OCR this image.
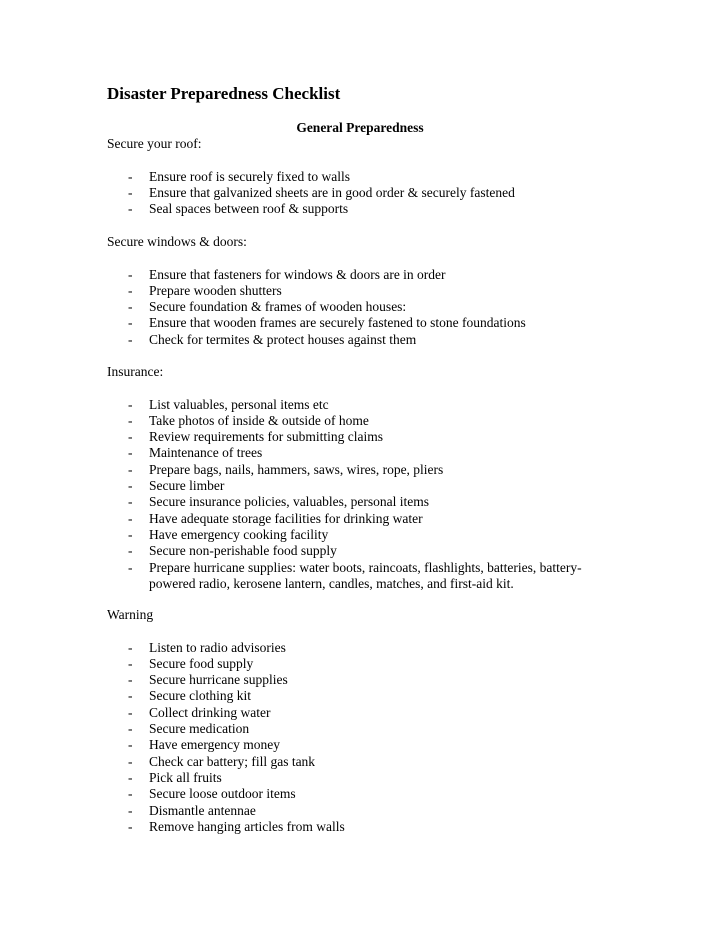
Disaster Preparedness Checklist
General Preparedness

Secure your roof:

- Ensure roof is securely fixed to walls
- Ensure that galvanized sheets are in good order & securely fastened
- Seal spaces between roof & supports

Secure windows & doors:

- Ensure that fasteners for windows & doors are in order
- Prepare wooden shutters
- Secure foundation & frames of wooden houses:
- Ensure that wooden frames are securely fastened to stone foundations
- Check for termites & protect houses against them

Insurance:

- List valuables, personal items etc
- Take photos of inside & outside of home
- Review requirements for submitting claims
- Maintenance of trees
- Prepare bags, nails, hammers, saws, wires, rope, pliers
- Secure limber
- Secure insurance policies, valuables, personal items
- Have adequate storage facilities for drinking water
- Have emergency cooking facility
- Secure non-perishable food supply
- Prepare hurricane supplies: water boots, raincoats, flashlights, batteries, battery-powered radio, kerosene lantern, candles, matches, and first-aid kit.

Warning

- Listen to radio advisories
- Secure food supply
- Secure hurricane supplies
- Secure clothing kit
- Collect drinking water
- Secure medication
- Have emergency money
- Check car battery; fill gas tank
- Pick all fruits
- Secure loose outdoor items
- Dismantle antennae
- Remove hanging articles from walls
